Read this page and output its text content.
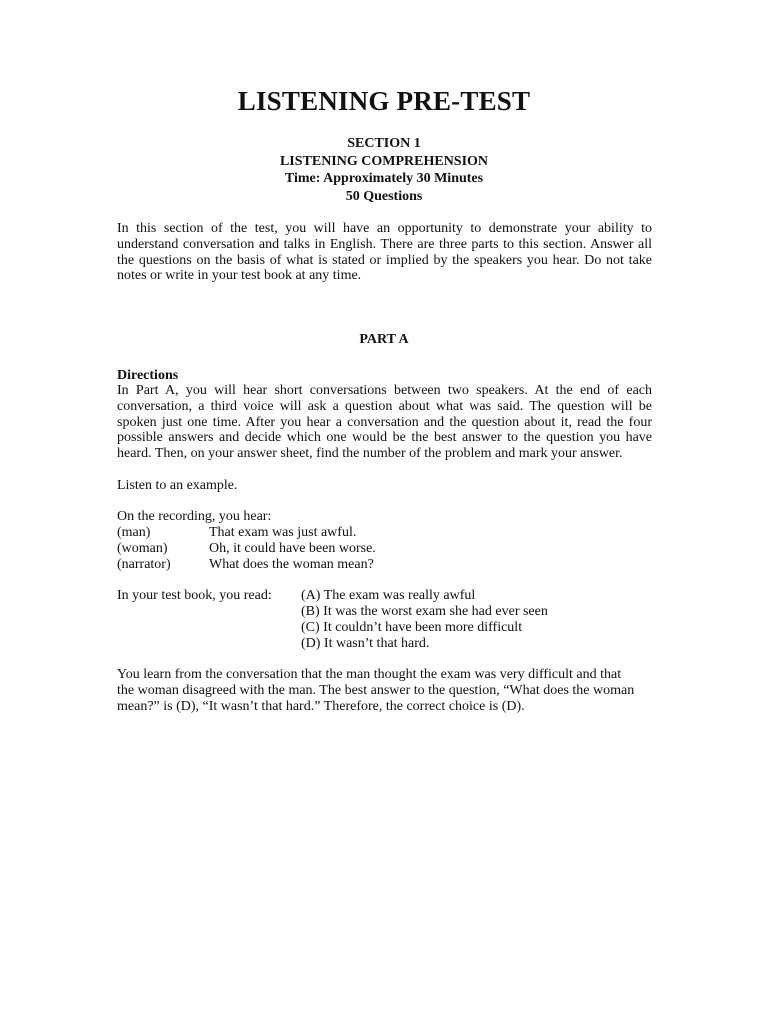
LISTENING PRE-TEST
SECTION 1
LISTENING COMPREHENSION
Time: Approximately 30 Minutes
50 Questions
In this section of the test, you will have an opportunity to demonstrate your ability to understand conversation and talks in English. There are three parts to this section. Answer all the questions on the basis of what is stated or implied by the speakers you hear. Do not take notes or write in your test book at any time.
PART A
Directions
In Part A, you will hear short conversations between two speakers. At the end of each conversation, a third voice will ask a question about what was said. The question will be spoken just one time. After you hear a conversation and the question about it, read the four possible answers and decide which one would be the best answer to the question you have heard. Then, on your answer sheet, find the number of the problem and mark your answer.
Listen to an example.
On the recording, you hear:
(man)	That exam was just awful.
(woman)	Oh, it could have been worse.
(narrator)	What does the woman mean?
In your test book, you read: (A) The exam was really awful
(B) It was the worst exam she had ever seen
(C) It couldn’t have been more difficult
(D) It wasn’t that hard.
You learn from the conversation that the man thought the exam was very difficult and that
the woman disagreed with the man. The best answer to the question, “What does the woman
mean?” is (D), “It wasn’t that hard.” Therefore, the correct choice is (D).
